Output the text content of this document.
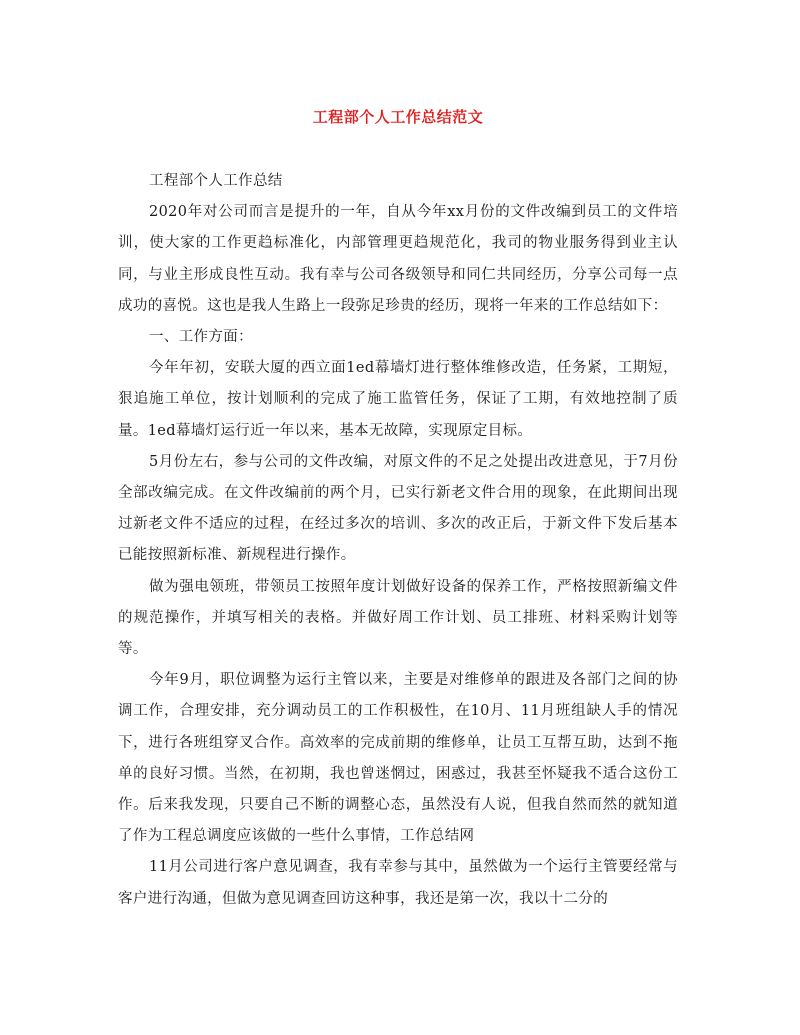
工程部个人工作总结范文

工程部个人工作总结

2020年对公司而言是提升的一年，自从今年xx月份的文件改编到员工的文件培训，使大家的工作更趋标准化，内部管理更趋规范化，我司的物业服务得到业主认同，与业主形成良性互动。我有幸与公司各级领导和同仁共同经历，分享公司每一点成功的喜悦。这也是我人生路上一段弥足珍贵的经历，现将一年来的工作总结如下：

一、工作方面：

今年年初，安联大厦的西立面1ed幕墙灯进行整体维修改造，任务紧，工期短，狠追施工单位，按计划顺利的完成了施工监管任务，保证了工期，有效地控制了质量。1ed幕墙灯运行近一年以来，基本无故障，实现原定目标。

5月份左右，参与公司的文件改编，对原文件的不足之处提出改进意见，于7月份全部改编完成。在文件改编前的两个月，已实行新老文件合用的现象，在此期间出现过新老文件不适应的过程，在经过多次的培训、多次的改正后，于新文件下发后基本已能按照新标准、新规程进行操作。

做为强电领班，带领员工按照年度计划做好设备的保养工作，严格按照新编文件的规范操作，并填写相关的表格。并做好周工作计划、员工排班、材料采购计划等等。

今年9月，职位调整为运行主管以来，主要是对维修单的跟进及各部门之间的协调工作，合理安排，充分调动员工的工作积极性，在10月、11月班组缺人手的情况下，进行各班组穿叉合作。高效率的完成前期的维修单，让员工互帮互助，达到不拖单的良好习惯。当然，在初期，我也曾迷惘过，困惑过，我甚至怀疑我不适合这份工作。后来我发现，只要自己不断的调整心态，虽然没有人说，但我自然而然的就知道了作为工程总调度应该做的一些什么事情，工作总结网

11月公司进行客户意见调查，我有幸参与其中，虽然做为一个运行主管要经常与客户进行沟通，但做为意见调查回访这种事，我还是第一次，我以十二分的
